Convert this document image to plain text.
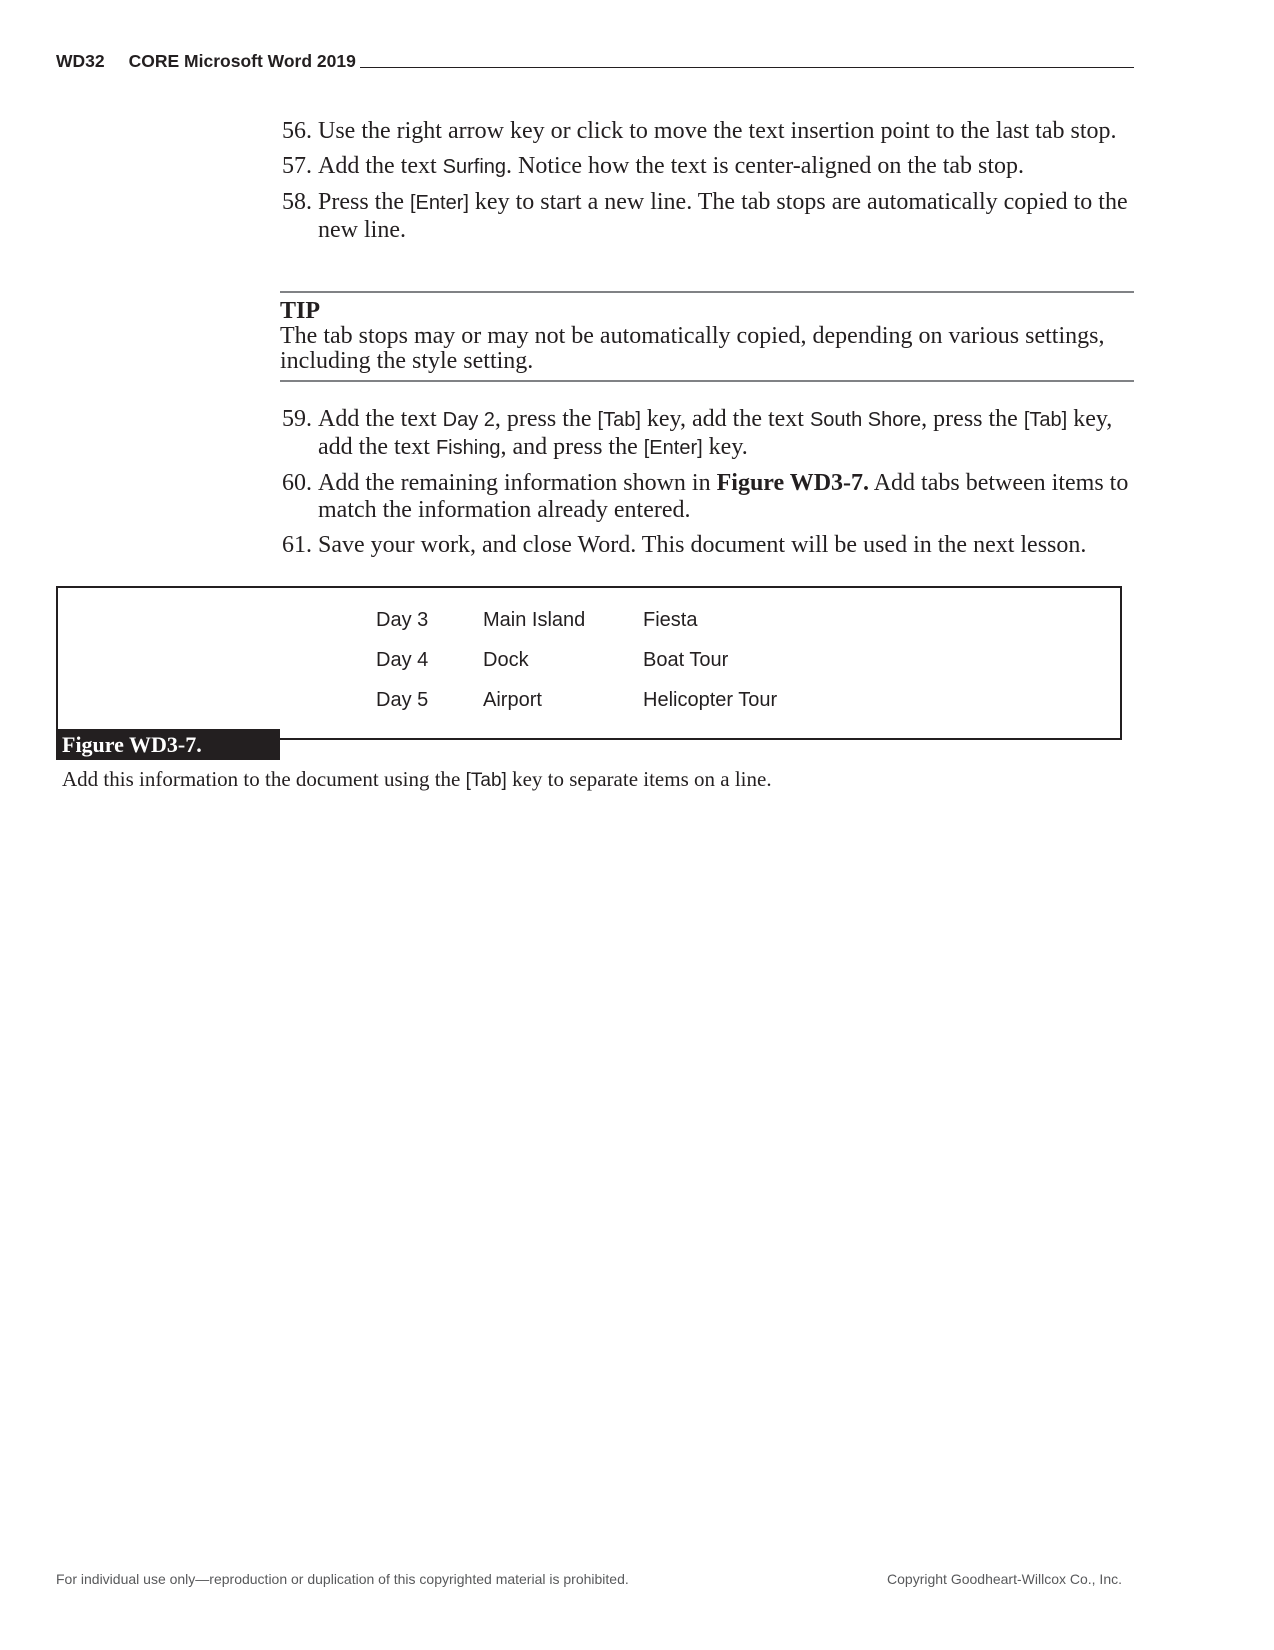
WD32 CORE Microsoft Word 2019
56. Use the right arrow key or click to move the text insertion point to the last tab stop.
57. Add the text Surfing. Notice how the text is center-aligned on the tab stop.
58. Press the [Enter] key to start a new line. The tab stops are automatically copied to the new line.
TIP
The tab stops may or may not be automatically copied, depending on various settings, including the style setting.
59. Add the text Day 2, press the [Tab] key, add the text South Shore, press the [Tab] key, add the text Fishing, and press the [Enter] key.
60. Add the remaining information shown in Figure WD3-7. Add tabs between items to match the information already entered.
61. Save your work, and close Word. This document will be used in the next lesson.
Day 3	Main Island	Fiesta
Day 4	Dock	Boat Tour
Day 5	Airport	Helicopter Tour
Figure WD3-7.
Add this information to the document using the [Tab] key to separate items on a line.
For individual use only—reproduction or duplication of this copyrighted material is prohibited.	Copyright Goodheart-Willcox Co., Inc.
